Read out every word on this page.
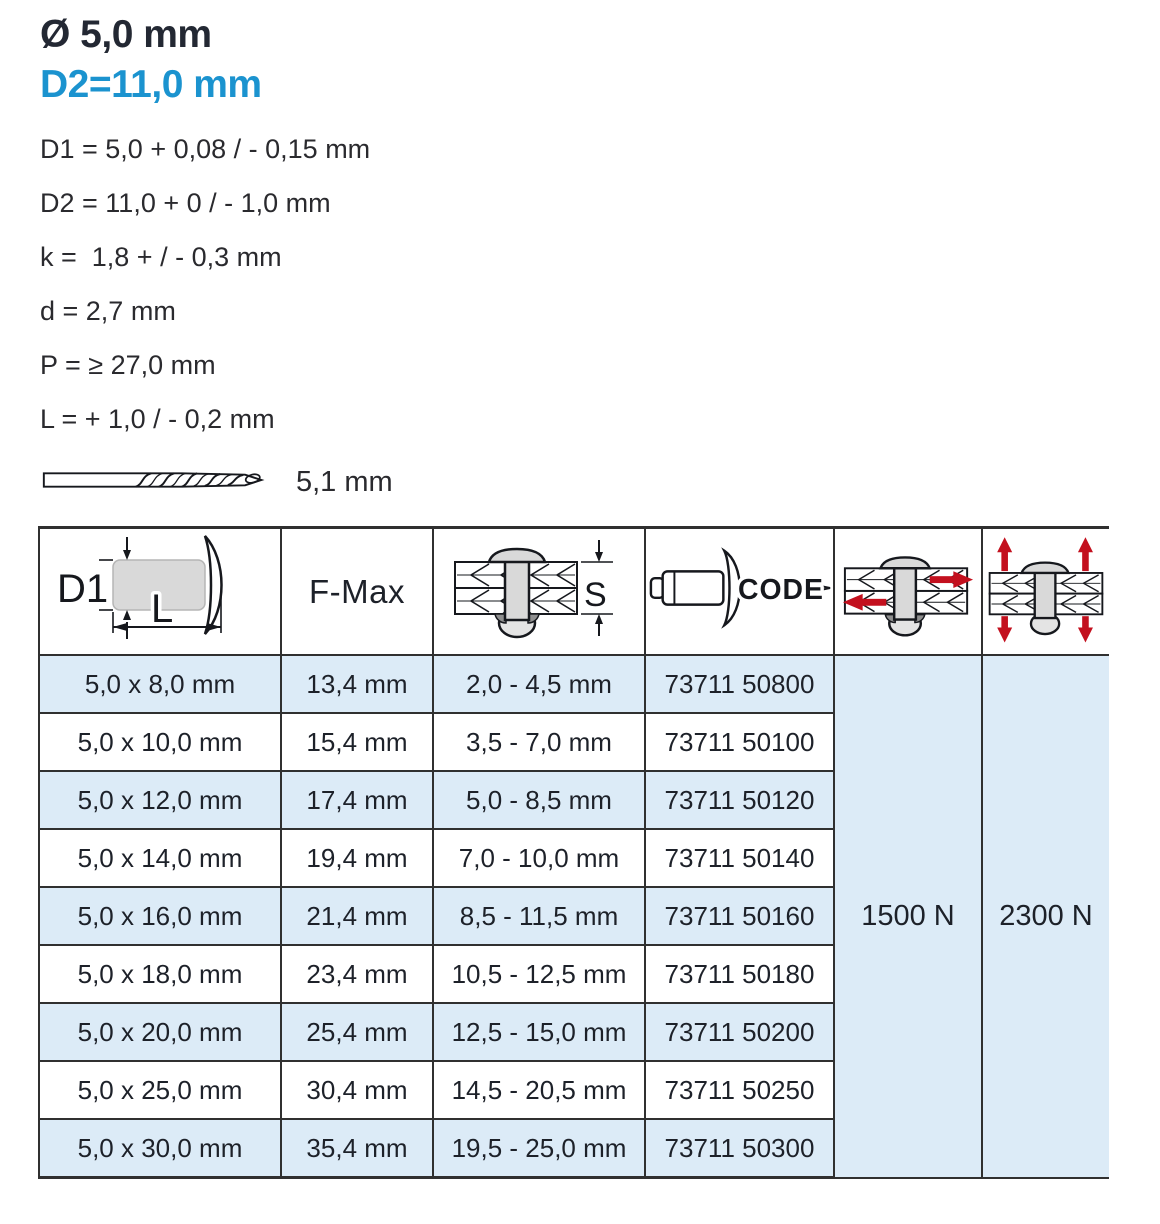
Ø 5,0 mm
D2=11,0 mm
D1 = 5,0 + 0,08 / - 0,15 mm
D2 = 11,0 + 0 / - 1,0 mm
k =  1,8 + / - 0,3 mm
d = 2,7 mm
P = ≥ 27,0 mm
L = + 1,0 / - 0,2 mm
5,1 mm
D1 L	F-Max	S	CODE

5,0 x 8,0 mm	13,4 mm	2,0 - 4,5 mm	73711 50800	1500 N	2300 N
5,0 x 10,0 mm	15,4 mm	3,5 - 7,0 mm	73711 50100		
5,0 x 12,0 mm	17,4 mm	5,0 - 8,5 mm	73711 50120		
5,0 x 14,0 mm	19,4 mm	7,0 - 10,0 mm	73711 50140		
5,0 x 16,0 mm	21,4 mm	8,5 - 11,5 mm	73711 50160		
5,0 x 18,0 mm	23,4 mm	10,5 - 12,5 mm	73711 50180		
5,0 x 20,0 mm	25,4 mm	12,5 - 15,0 mm	73711 50200		
5,0 x 25,0 mm	30,4 mm	14,5 - 20,5 mm	73711 50250		
5,0 x 30,0 mm	35,4 mm	19,5 - 25,0 mm	73711 50300		
